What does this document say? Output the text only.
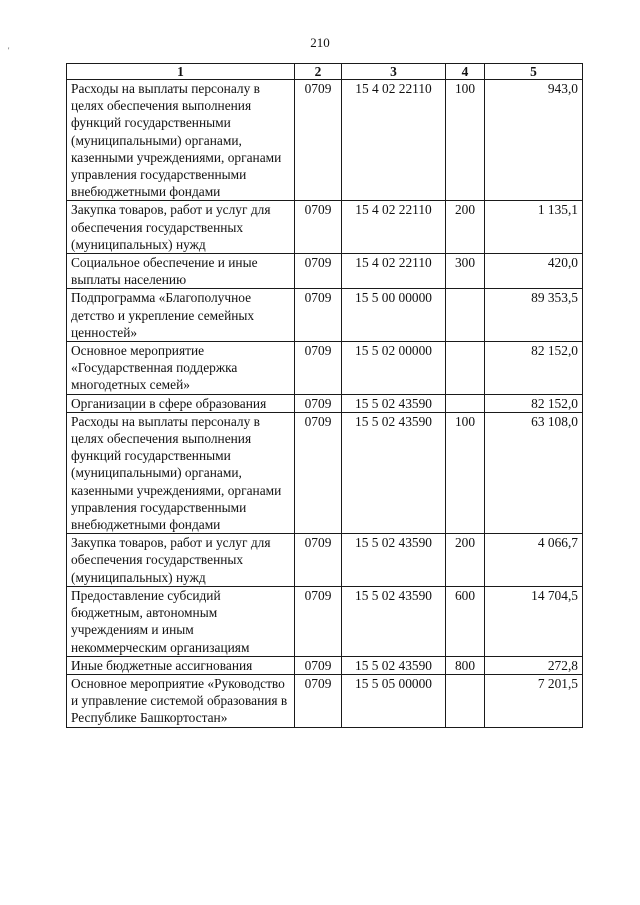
210
'
1	2	3	4	5
Расходы на выплаты персоналу в целях обеспечения выполнения функций государственными (муниципальными) органами, казенными учреждениями, органами управления государственными внебюджетными фондами	0709	15 4 02 22110	100	943,0
Закупка товаров, работ и услуг для обеспечения государственных (муниципальных) нужд	0709	15 4 02 22110	200	1 135,1
Социальное обеспечение и иные выплаты населению	0709	15 4 02 22110	300	420,0
Подпрограмма «Благополучное детство и укрепление семейных ценностей»	0709	15 5 00 00000		89 353,5
Основное мероприятие «Государственная поддержка многодетных семей»	0709	15 5 02 00000		82 152,0
Организации в сфере образования	0709	15 5 02 43590		82 152,0
Расходы на выплаты персоналу в целях обеспечения выполнения функций государственными (муниципальными) органами, казенными учреждениями, органами управления государственными внебюджетными фондами	0709	15 5 02 43590	100	63 108,0
Закупка товаров, работ и услуг для обеспечения государственных (муниципальных) нужд	0709	15 5 02 43590	200	4 066,7
Предоставление субсидий бюджетным, автономным учреждениям и иным некоммерческим организациям	0709	15 5 02 43590	600	14 704,5
Иные бюджетные ассигнования	0709	15 5 02 43590	800	272,8
Основное мероприятие «Руководство и управление системой образования в Республике Башкортостан»	0709	15 5 05 00000		7 201,5
